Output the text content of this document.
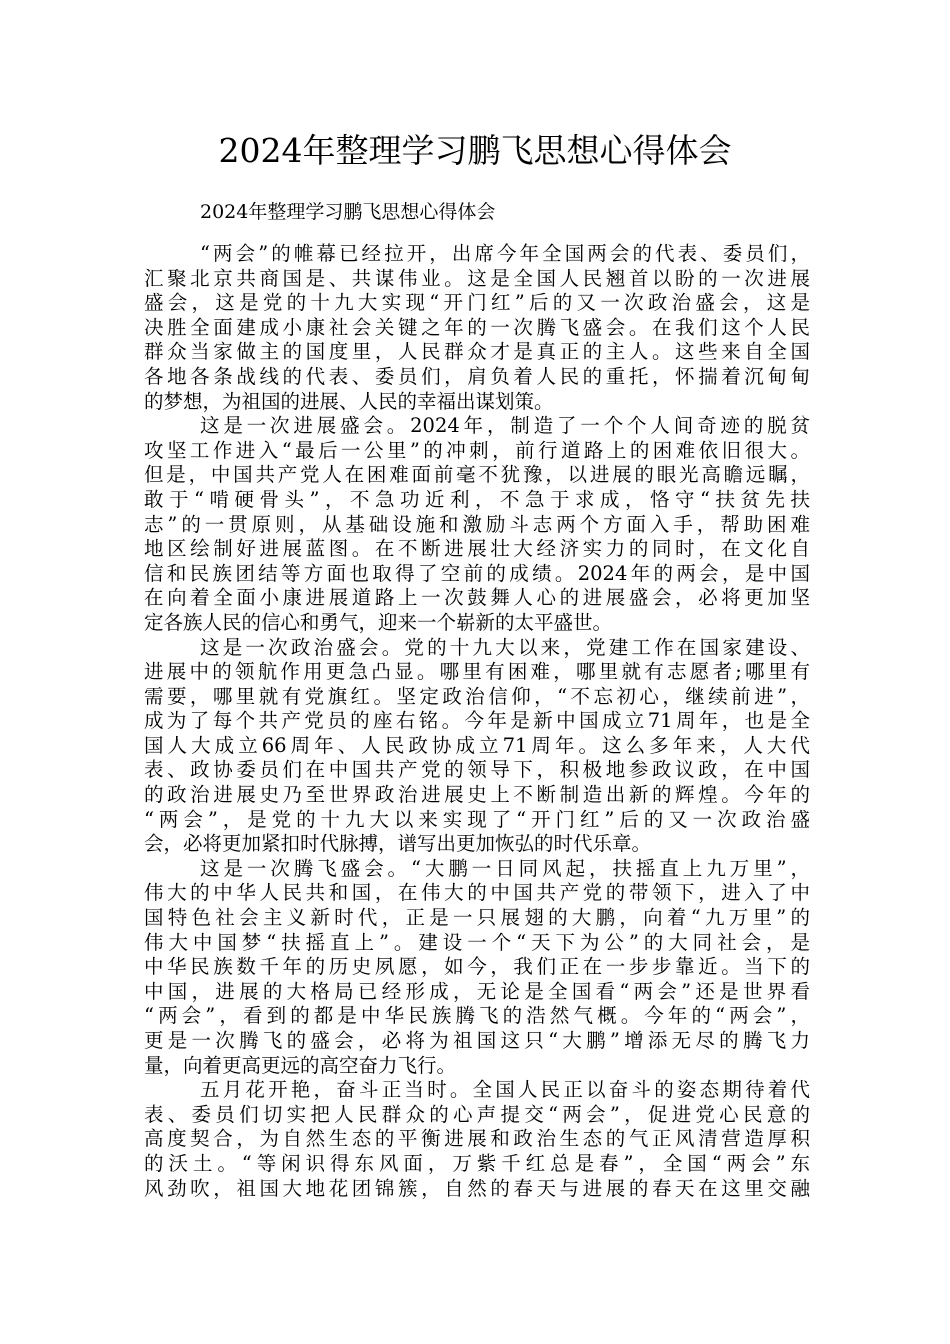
2024年整理学习鹏飞思想心得体会

2024年整理学习鹏飞思想心得体会

“两会”的帷幕已经拉开，出席今年全国两会的代表、委员们，
汇聚北京共商国是、共谋伟业。这是全国人民翘首以盼的一次进展
盛会，这是党的十九大实现“开门红”后的又一次政治盛会，这是
决胜全面建成小康社会关键之年的一次腾飞盛会。在我们这个人民
群众当家做主的国度里，人民群众才是真正的主人。这些来自全国
各地各条战线的代表、委员们，肩负着人民的重托，怀揣着沉甸甸
的梦想，为祖国的进展、人民的幸福出谋划策。

这是一次进展盛会。2024年，制造了一个个人间奇迹的脱贫
攻坚工作进入“最后一公里”的冲刺，前行道路上的困难依旧很大。
但是，中国共产党人在困难面前毫不犹豫，以进展的眼光高瞻远瞩，
敢于“啃硬骨头”，不急功近利，不急于求成，恪守“扶贫先扶
志”的一贯原则，从基础设施和激励斗志两个方面入手，帮助困难
地区绘制好进展蓝图。在不断进展壮大经济实力的同时，在文化自
信和民族团结等方面也取得了空前的成绩。2024年的两会，是中国
在向着全面小康进展道路上一次鼓舞人心的进展盛会，必将更加坚
定各族人民的信心和勇气，迎来一个崭新的太平盛世。

这是一次政治盛会。党的十九大以来，党建工作在国家建设、
进展中的领航作用更急凸显。哪里有困难，哪里就有志愿者;哪里有
需要，哪里就有党旗红。坚定政治信仰，“不忘初心，继续前进”，
成为了每个共产党员的座右铭。今年是新中国成立71周年，也是全
国人大成立66周年、人民政协成立71周年。这么多年来，人大代
表、政协委员们在中国共产党的领导下，积极地参政议政，在中国
的政治进展史乃至世界政治进展史上不断制造出新的辉煌。今年的
“两会”，是党的十九大以来实现了“开门红”后的又一次政治盛
会，必将更加紧扣时代脉搏，谱写出更加恢弘的时代乐章。

这是一次腾飞盛会。“大鹏一日同风起，扶摇直上九万里”，
伟大的中华人民共和国，在伟大的中国共产党的带领下，进入了中
国特色社会主义新时代，正是一只展翅的大鹏，向着“九万里”的
伟大中国梦“扶摇直上”。建设一个“天下为公”的大同社会，是
中华民族数千年的历史夙愿，如今，我们正在一步步靠近。当下的
中国，进展的大格局已经形成，无论是全国看“两会”还是世界看
“两会”，看到的都是中华民族腾飞的浩然气概。今年的“两会”，
更是一次腾飞的盛会，必将为祖国这只“大鹏”增添无尽的腾飞力
量，向着更高更远的高空奋力飞行。

五月花开艳，奋斗正当时。全国人民正以奋斗的姿态期待着代
表、委员们切实把人民群众的心声提交“两会”，促进党心民意的
高度契合，为自然生态的平衡进展和政治生态的气正风清营造厚积
的沃土。“等闲识得东风面，万紫千红总是春”，全国“两会”东
风劲吹，祖国大地花团锦簇，自然的春天与进展的春天在这里交融
